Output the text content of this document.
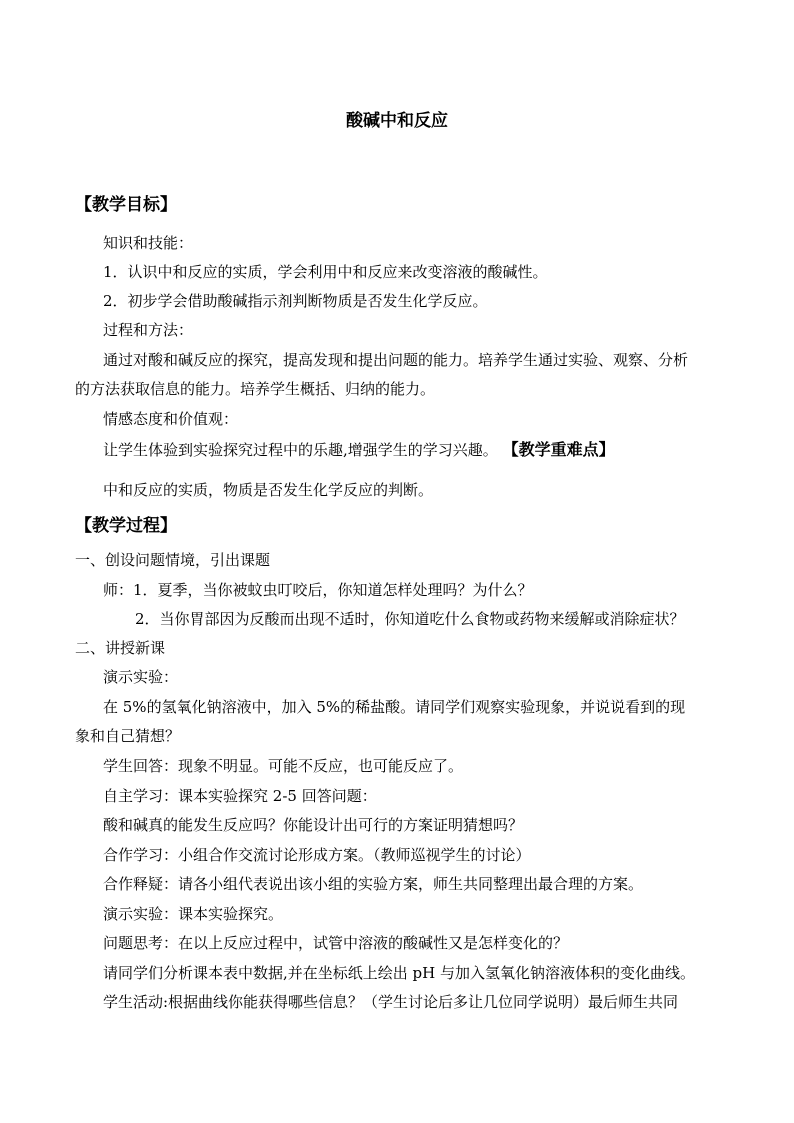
酸碱中和反应
【教学目标】

知识和技能：

1．认识中和反应的实质，学会利用中和反应来改变溶液的酸碱性。

2．初步学会借助酸碱指示剂判断物质是否发生化学反应。

过程和方法：

通过对酸和碱反应的探究，提高发现和提出问题的能力。培养学生通过实验、观察、分析

的方法获取信息的能力。培养学生概括、归纳的能力。

情感态度和价值观：

让学生体验到实验探究过程中的乐趣,增强学生的学习兴趣。 【教学重难点】

中和反应的实质，物质是否发生化学反应的判断。

【教学过程】

一、创设问题情境，引出课题

师：1．夏季，当你被蚊虫叮咬后，你知道怎样处理吗？为什么？

2．当你胃部因为反酸而出现不适时，你知道吃什么食物或药物来缓解或消除症状？

二、讲授新课

演示实验：

在 5%的氢氧化钠溶液中，加入 5%的稀盐酸。请同学们观察实验现象，并说说看到的现

象和自己猜想？

学生回答：现象不明显。可能不反应，也可能反应了。

自主学习：课本实验探究 2-5 回答问题：

酸和碱真的能发生反应吗？你能设计出可行的方案证明猜想吗？

合作学习：小组合作交流讨论形成方案。（教师巡视学生的讨论）

合作释疑：请各小组代表说出该小组的实验方案，师生共同整理出最合理的方案。

演示实验：课本实验探究。

问题思考：在以上反应过程中，试管中溶液的酸碱性又是怎样变化的？

请同学们分析课本表中数据,并在坐标纸上绘出 pH 与加入氢氧化钠溶液体积的变化曲线。

学生活动:根据曲线你能获得哪些信息？（学生讨论后多让几位同学说明）最后师生共同
